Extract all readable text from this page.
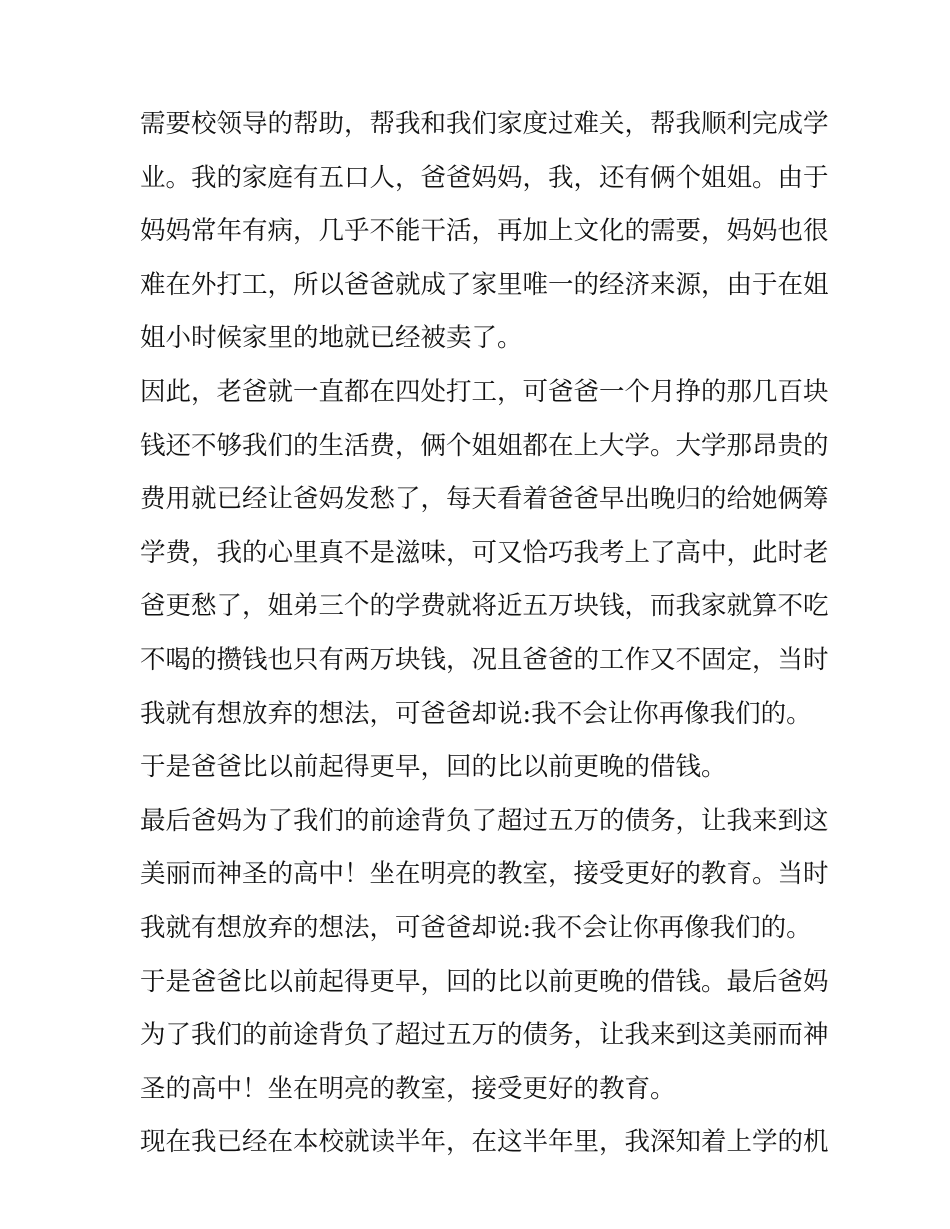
需要校领导的帮助，帮我和我们家度过难关，帮我顺利完成学
业。我的家庭有五口人，爸爸妈妈，我，还有俩个姐姐。由于
妈妈常年有病，几乎不能干活，再加上文化的需要，妈妈也很
难在外打工，所以爸爸就成了家里唯一的经济来源，由于在姐
姐小时候家里的地就已经被卖了。
因此，老爸就一直都在四处打工，可爸爸一个月挣的那几百块
钱还不够我们的生活费，俩个姐姐都在上大学。大学那昂贵的
费用就已经让爸妈发愁了，每天看着爸爸早出晚归的给她俩筹
学费，我的心里真不是滋味，可又恰巧我考上了高中，此时老
爸更愁了，姐弟三个的学费就将近五万块钱，而我家就算不吃
不喝的攒钱也只有两万块钱，况且爸爸的工作又不固定，当时
我就有想放弃的想法，可爸爸却说:我不会让你再像我们的。
于是爸爸比以前起得更早，回的比以前更晚的借钱。
最后爸妈为了我们的前途背负了超过五万的债务，让我来到这
美丽而神圣的高中！坐在明亮的教室，接受更好的教育。当时
我就有想放弃的想法，可爸爸却说:我不会让你再像我们的。
于是爸爸比以前起得更早，回的比以前更晚的借钱。最后爸妈
为了我们的前途背负了超过五万的债务，让我来到这美丽而神
圣的高中！坐在明亮的教室，接受更好的教育。
现在我已经在本校就读半年，在这半年里，我深知着上学的机
